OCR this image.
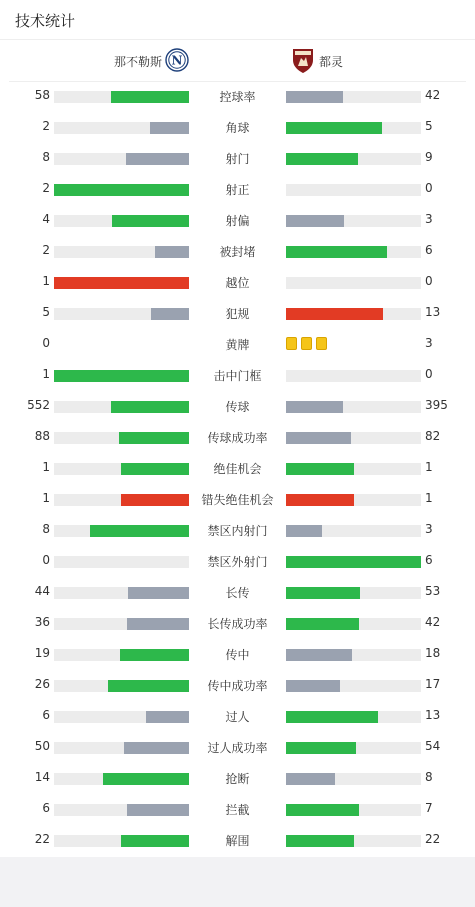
技术统计
那不勒斯 N	都灵
58	控球率	42
2	角球	5
8	射门	9
2	射正	0
4	射偏	3
2	被封堵	6
1	越位	0
5	犯规	13
0	黄牌	3
1	击中门框	0
552	传球	395
88	传球成功率	82
1	绝佳机会	1
1	错失绝佳机会	1
8	禁区内射门	3
0	禁区外射门	6
44	长传	53
36	长传成功率	42
19	传中	18
26	传中成功率	17
6	过人	13
50	过人成功率	54
14	抢断	8
6	拦截	7
22	解围	22
